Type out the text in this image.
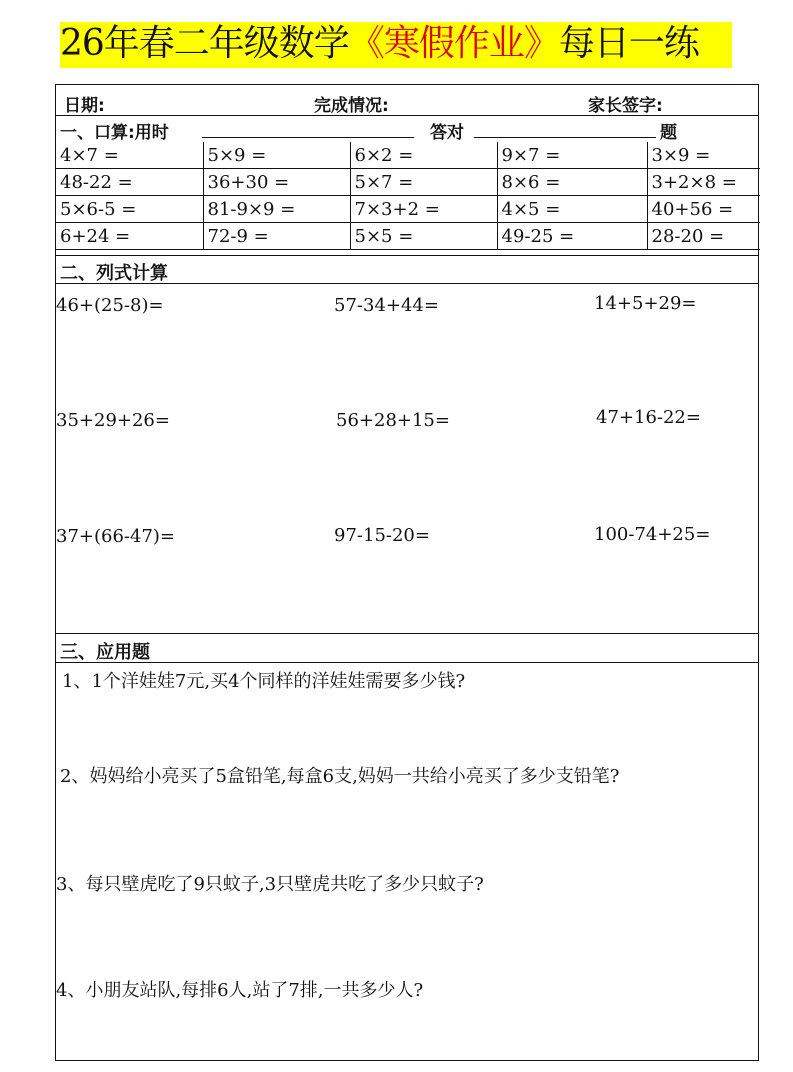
26年春二年级数学《寒假作业》每日一练
日期:	完成情况:	家长签字:
一、口算:用时	答对	题
4×7 =	5×9 =	6×2 =	9×7 =	3×9 =
48-22 =	36+30 =	5×7 =	8×6 =	3+2×8 =
5×6-5 =	81-9×9 =	7×3+2 =	4×5 =	40+56 =
6+24 =	72-9 =	5×5 =	49-25 =	28-20 =
二、列式计算
46+(25-8)=	57-34+44=	14+5+29=
35+29+26=	56+28+15=	47+16-22=
37+(66-47)=	97-15-20=	100-74+25=
三、应用题
1、1个洋娃娃7元,买4个同样的洋娃娃需要多少钱?
2、妈妈给小亮买了5盒铅笔,每盒6支,妈妈一共给小亮买了多少支铅笔?
3、每只壁虎吃了9只蚊子,3只壁虎共吃了多少只蚊子?
4、小朋友站队,每排6人,站了7排,一共多少人?
